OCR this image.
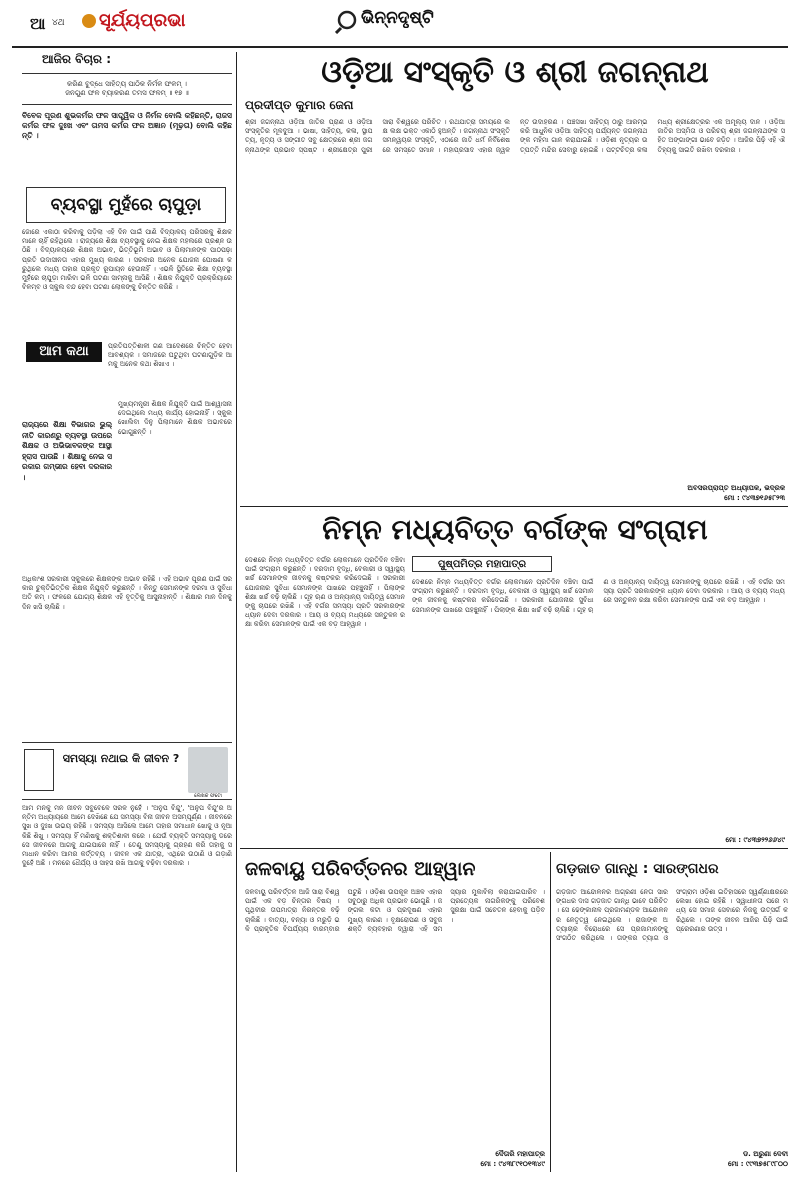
ଆ ୪ଥ	ସୂର୍ଯ୍ୟପ୍ରଭା	ଭିନ୍ନଦୃଷ୍ଟି
ଆଜିର ବିଚାର :
କରିଣ ବୁଦ୍ଧେ ସାହିତ୍ୟ ପାଠିକ ନିର୍ମଳ ଫଳମ୍ ।
ଜନଗୁଣ ଫଳ ବ୍ୟାକରଣ ତମସ ଫଳମ୍ ॥ ୧୭ ॥
ବିବେକ ପୂରଣ ଶୁଭକର୍ମର ଫଳ ସାତ୍ତ୍ୱିକ ଓ ନିର୍ମଳ ବୋଲି କହିଛନ୍ତି, ରାଜସ କର୍ମର ଫଳ ଦୁଃଖ ଏବଂ ତାମସ କର୍ମର ଫଳ ଅଜ୍ଞାନ (ମୂଢ଼ତା) ବୋଲି କହିଛନ୍ତି ।
ବ୍ୟବସ୍ଥା ମୁହଁରେ ଚାପୁଡ଼ା
ଜୋରେ ଏକାଠା କରିବାକୁ ପଡ଼ିଲା ଏହି ଦିନ ପାଇଁ ପାଣି ବିଦ୍ୟାଳୟ ପରିସରକୁ ଶିକ୍ଷକମାନେ ଚାହିଁ ରହିଥିଲେ । ରାଜ୍ୟରେ ଶିକ୍ଷା ବ୍ୟବସ୍ଥାକୁ ନେଇ ଶିକ୍ଷକ ମହଲରେ ପ୍ରଶ୍ନ ଉଠିଛି । ବିଦ୍ୟାଳୟରେ ଶିକ୍ଷକ ଅଭାବ, ଭିତ୍ତିଭୂମି ଅଭାବ ଓ ପିଲାମାନଙ୍କ ପାଠପଢ଼ା ପ୍ରତି ଉଦାସୀନତା ଏହାର ମୁଖ୍ୟ କାରଣ । ସରକାର ଅନେକ ଯୋଜନା ଘୋଷଣା କରୁଥିଲେ ମଧ୍ୟ ତାହାର ପ୍ରକୃତ ରୂପାୟନ ହେଉନାହିଁ । ଏଭଳି ସ୍ଥିତିରେ ଶିକ୍ଷା ବ୍ୟବସ୍ଥା ମୁହଁରେ ଚାପୁଡ଼ା ମାରିବା ଭଳି ଘଟଣା ସାମ୍ନାକୁ ଆସିଛି । ଶିକ୍ଷକ ନିଯୁକ୍ତି ପ୍ରକ୍ରିୟାରେ ବିଳମ୍ବ ଓ ସ୍କୁଲ ବନ୍ଦ ହେବା ଘଟଣା ଲୋକଙ୍କୁ ଚିନ୍ତିତ କରିଛି ।
ଆମ କଥା	ପ୍ରତିପତ୍ତିଶାଳୀ ଗଣ ଆଦେଶରେ ଚିନ୍ତିତ ହେବା ଆବଶ୍ୟକ । ସମାଜରେ ଘଟୁଥିବା ଘଟଣାଗୁଡ଼ିକ ଆମକୁ ଅନେକ କଥା ଶିଖାଏ ।
ରାଜ୍ୟରେ ଶିକ୍ଷା ବିଭାଗର ଭୁଲ୍ ନୀତି କାରଣରୁ ବ୍ୟବସ୍ଥା ଉପରେ ଶିକ୍ଷକ ଓ ଅଭିଭାବକଙ୍କ ଆସ୍ଥା ହ୍ରାସ ପାଉଛି । ଶିକ୍ଷାକୁ ନେଇ ସରକାର ଗମ୍ଭୀର ହେବା ଦରକାର ।
ମୁଖ୍ୟମନ୍ତ୍ରୀ ଶିକ୍ଷକ ନିଯୁକ୍ତି ପାଇଁ ଆଶ୍ୱାସନା ଦେଇଥିଲେ ମଧ୍ୟ କାର୍ଯ୍ୟ ହୋଇନାହିଁ । ସ୍କୁଲ ଖୋଲିବା ଦିନୁ ପିଲାମାନେ ଶିକ୍ଷକ ଅଭାବରେ ଭୋଗୁଛନ୍ତି ।
ଅଧିକାଂଶ ସରକାରୀ ସ୍କୁଲରେ ଶିକ୍ଷକଙ୍କ ଅଭାବ ରହିଛି । ଏହି ଅଭାବ ପୂରଣ ପାଇଁ ସରକାର ଚୁକ୍ତିଭିତ୍ତିକ ଶିକ୍ଷକ ନିଯୁକ୍ତି କରୁଛନ୍ତି । କିନ୍ତୁ ସେମାନଙ୍କ ଦରମା ଓ ସୁବିଧା ଅତି କମ୍ । ଫଳରେ ଯୋଗ୍ୟ ଶିକ୍ଷକ ଏହି ବୃତ୍ତିକୁ ଆସୁନାହାନ୍ତି । ଶିକ୍ଷାର ମାନ ଦିନକୁ ଦିନ ଖସି ଚାଲିଛି ।
ସମସ୍ୟା ନଥାଇ କି ଜୀବନ ?
ଲେଖକ ଫଟୋ
ଆମ ମନକୁ ମନ ଜୀବନ ସବୁବେଳେ ସରଳ ନୁହେଁ । 'ଅନୁପ ବିନ୍ଦୁ', 'ଅନୁପ ବିନ୍ଦୁ'ର ଅନ୍ତିମ ଅଧ୍ୟାୟରେ ଆମେ ଦେଖିଛେ ଯେ ସମସ୍ୟା ବିନା ଜୀବନ ଅସମ୍ପୂର୍ଣ୍ଣ । ଜୀବନରେ ସୁଖ ଓ ଦୁଃଖ ଉଭୟ ରହିଛି । ସମସ୍ୟା ଆସିଲେ ଆମେ ତାହାର ସମାଧାନ ଖୋଜୁ ଓ ନୂଆ କିଛି ଶିଖୁ । ସମସ୍ୟା ହିଁ ମଣିଷକୁ ଶକ୍ତିଶାଳୀ କରେ । ଯେଉଁ ବ୍ୟକ୍ତି ସମସ୍ୟାକୁ ଡରେ ସେ ଜୀବନରେ ଆଗକୁ ଯାଇପାରେ ନାହିଁ । ତେଣୁ ସମସ୍ୟାକୁ ଗ୍ରହଣ କରି ତାହାକୁ ସମାଧାନ କରିବା ଆମର କର୍ତ୍ତବ୍ୟ । ଜୀବନ ଏକ ଯାତ୍ରା, ଏଥିରେ ଉଠାଣି ଓ ଗଡ଼ାଣି ଦୁହେଁ ଅଛି । ମନରେ ଧୈର୍ଯ୍ୟ ଓ ସାହସ ରଖି ଆଗକୁ ବଢ଼ିବା ଦରକାର ।
ଓଡ଼ିଆ ସଂସ୍କୃତି ଓ ଶ୍ରୀ ଜଗନ୍ନାଥ
ପ୍ରଦୀପ୍ତ କୁମାର ଜେନା
ଶ୍ରୀ ଜଗନ୍ନାଥ ଓଡ଼ିଆ ଜାତିର ପ୍ରାଣ ଓ ଓଡ଼ିଆ ସଂସ୍କୃତିର ମୂଳଦୁଆ । ଭାଷା, ସାହିତ୍ୟ, କଳା, ସ୍ଥାପତ୍ୟ, ନୃତ୍ୟ ଓ ସଙ୍ଗୀତ ସବୁ କ୍ଷେତ୍ରରେ ଶ୍ରୀ ଜଗନ୍ନାଥଙ୍କ ପ୍ରଭାବ ସ୍ପଷ୍ଟ । ଶ୍ରୀକ୍ଷେତ୍ର ପୁରୀ ସାରା ବିଶ୍ୱରେ ପରିଚିତ । ରଥଯାତ୍ରା ସମୟରେ ଲକ୍ଷ ଲକ୍ଷ ଭକ୍ତ ଏକାଠି ହୁଅନ୍ତି । ଜଗନ୍ନାଥ ସଂସ୍କୃତି ସମନ୍ୱୟର ସଂସ୍କୃତି, ଏଠାରେ ଜାତି ଧର୍ମ ନିର୍ବିଶେଷରେ ସମସ୍ତେ ସମାନ । ମହାପ୍ରସାଦ ଏହାର ଜ୍ୱଳନ୍ତ ଉଦାହରଣ । ପଞ୍ଚସଖା ସାହିତ୍ୟ ଠାରୁ ଆରମ୍ଭ କରି ଆଧୁନିକ ଓଡ଼ିଆ ସାହିତ୍ୟ ପର୍ଯ୍ୟନ୍ତ ଜଗନ୍ନାଥଙ୍କ ମହିମା ଗାନ କରାଯାଇଛି । ଓଡ଼ିଶୀ ନୃତ୍ୟର ଉତ୍ପତ୍ତି ମନ୍ଦିର ସେବାରୁ ହୋଇଛି । ପଟ୍ଟଚିତ୍ର କଳା ମଧ୍ୟ ଶ୍ରୀକ୍ଷେତ୍ରର ଏକ ଅମୂଲ୍ୟ ଦାନ । ଓଡ଼ିଆ ଜାତିର ଅସ୍ମିତା ଓ ପରିଚୟ ଶ୍ରୀ ଜଗନ୍ନାଥଙ୍କ ସହିତ ଅଙ୍ଗାଙ୍ଗୀ ଭାବେ ଜଡ଼ିତ । ଆଜିର ପିଢ଼ି ଏହି ଐତିହ୍ୟକୁ ସାଇତି ରଖିବା ଦରକାର ।
ଅବସରପ୍ରାପ୍ତ ଅଧ୍ୟାପକ, ଭଦ୍ରକ
ମୋ : ୯୪୩୭୧୬୫୮୨୩
ନିମ୍ନ ମଧ୍ୟବିତ୍ତ ବର୍ଗଙ୍କ ସଂଗ୍ରାମ
ପୁଷ୍ପମିତ୍ର ମହାପାତ୍ର
ଦେଶରେ ନିମ୍ନ ମଧ୍ୟବିତ୍ତ ବର୍ଗର ଲୋକମାନେ ପ୍ରତିଦିନ ବଞ୍ଚିବା ପାଇଁ ସଂଗ୍ରାମ କରୁଛନ୍ତି । ଦରଦାମ ବୃଦ୍ଧି, ବେକାରୀ ଓ ସ୍ୱାସ୍ଥ୍ୟ ଖର୍ଚ୍ଚ ସେମାନଙ୍କ ଜୀବନକୁ କଷ୍ଟକର କରିଦେଇଛି । ସରକାରୀ ଯୋଜନାର ସୁବିଧା ସେମାନଙ୍କ ପାଖରେ ପହଞ୍ଚୁନାହିଁ । ପିଲାଙ୍କ ଶିକ୍ଷା ଖର୍ଚ୍ଚ ବଢ଼ି ଚାଲିଛି । ଗୃହ ଋଣ ଓ ଅନ୍ୟାନ୍ୟ ଦାୟିତ୍ୱ ସେମାନଙ୍କୁ ଚାପରେ ରଖିଛି । ଏହି ବର୍ଗର ସମସ୍ୟା ପ୍ରତି ସରକାରଙ୍କ ଧ୍ୟାନ ଦେବା ଦରକାର । ଆୟ ଓ ବ୍ୟୟ ମଧ୍ୟରେ ସନ୍ତୁଳନ ରକ୍ଷା କରିବା ସେମାନଙ୍କ ପାଇଁ ଏକ ବଡ଼ ଆହ୍ୱାନ ।
ଦେଶରେ ନିମ୍ନ ମଧ୍ୟବିତ୍ତ ବର୍ଗର ଲୋକମାନେ ପ୍ରତିଦିନ ବଞ୍ଚିବା ପାଇଁ ସଂଗ୍ରାମ କରୁଛନ୍ତି । ଦରଦାମ ବୃଦ୍ଧି, ବେକାରୀ ଓ ସ୍ୱାସ୍ଥ୍ୟ ଖର୍ଚ୍ଚ ସେମାନଙ୍କ ଜୀବନକୁ କଷ୍ଟକର କରିଦେଇଛି । ସରକାରୀ ଯୋଜନାର ସୁବିଧା ସେମାନଙ୍କ ପାଖରେ ପହଞ୍ଚୁନାହିଁ । ପିଲାଙ୍କ ଶିକ୍ଷା ଖର୍ଚ୍ଚ ବଢ଼ି ଚାଲିଛି । ଗୃହ ଋଣ ଓ ଅନ୍ୟାନ୍ୟ ଦାୟିତ୍ୱ ସେମାନଙ୍କୁ ଚାପରେ ରଖିଛି । ଏହି ବର୍ଗର ସମସ୍ୟା ପ୍ରତି ସରକାରଙ୍କ ଧ୍ୟାନ ଦେବା ଦରକାର । ଆୟ ଓ ବ୍ୟୟ ମଧ୍ୟରେ ସନ୍ତୁଳନ ରକ୍ଷା କରିବା ସେମାନଙ୍କ ପାଇଁ ଏକ ବଡ଼ ଆହ୍ୱାନ ।
ମୋ : ୯୪୩୭୨୨୬୬୪୯
ଜଳବାୟୁ ପରିବର୍ତ୍ତନର ଆହ୍ୱାନ
ଜଳବାୟୁ ପରିବର୍ତ୍ତନ ଆଜି ସାରା ବିଶ୍ୱ ପାଇଁ ଏକ ବଡ଼ ଚିନ୍ତାର ବିଷୟ । ପୃଥିବୀର ତାପମାତ୍ରା ନିରନ୍ତର ବଢ଼ି ଚାଲିଛି । ବାତ୍ୟା, ବନ୍ୟା ଓ ମରୁଡ଼ି ଭଳି ପ୍ରାକୃତିକ ବିପର୍ଯ୍ୟୟ ବାରମ୍ବାର ଘଟୁଛି । ଓଡ଼ିଶା ଉପକୂଳ ଅଞ୍ଚଳ ଏହାର ସବୁଠାରୁ ଅଧିକ ପ୍ରଭାବ ଭୋଗୁଛି । ଜଙ୍ଗଲ କଟା ଓ ପ୍ରଦୂଷଣ ଏହାର ମୁଖ୍ୟ କାରଣ । ବୃକ୍ଷରୋପଣ ଓ ସବୁଜ ଶକ୍ତି ବ୍ୟବହାର ଦ୍ୱାରା ଏହି ସମସ୍ୟାର ମୁକାବିଲା କରାଯାଇପାରିବ । ପ୍ରତ୍ୟେକ ନାଗରିକଙ୍କୁ ପରିବେଶ ସୁରକ୍ଷା ପାଇଁ ସଚେତନ ହେବାକୁ ପଡ଼ିବ ।
ଦୈତାରି ମହାପାତ୍ର
ମୋ : ୯୪୩୮୯୧୦୧୩୪୯
ଗଡ଼ଜାତ ଗାନ୍ଧି : ସାରଙ୍ଗଧର
ଗଡ଼ଜାତ ଆନ୍ଦୋଳନର ଅଗ୍ରଣୀ ନେତା ସାରଙ୍ଗଧର ଦାସ ଗଡ଼ଜାତ ଗାନ୍ଧି ଭାବେ ପରିଚିତ । ସେ ଢେଙ୍କାନାଳ ପ୍ରଜାମଣ୍ଡଳ ଆନ୍ଦୋଳନର ନେତୃତ୍ୱ ନେଇଥିଲେ । ରାଜାଙ୍କ ଅତ୍ୟାଚାର ବିରୋଧରେ ସେ ପ୍ରଜାମାନଙ୍କୁ ସଂଗଠିତ କରିଥିଲେ । ତାଙ୍କର ତ୍ୟାଗ ଓ ସଂଗ୍ରାମ ଓଡ଼ିଶା ଇତିହାସରେ ସ୍ୱର୍ଣ୍ଣାକ୍ଷରରେ ଲେଖା ହୋଇ ରହିଛି । ସ୍ୱାଧୀନତା ପରେ ମଧ୍ୟ ସେ ସମାଜ ସେବାରେ ନିଜକୁ ଉତ୍ସର୍ଗ କରିଥିଲେ । ତାଙ୍କ ଜୀବନ ଆଜିର ପିଢ଼ି ପାଇଁ ପ୍ରେରଣାର ଉତ୍ସ ।
ଡ. ଅରୁଣା ଦେବୀ
ମୋ : ୯୯୩୭୫୮୯୮୦୦
